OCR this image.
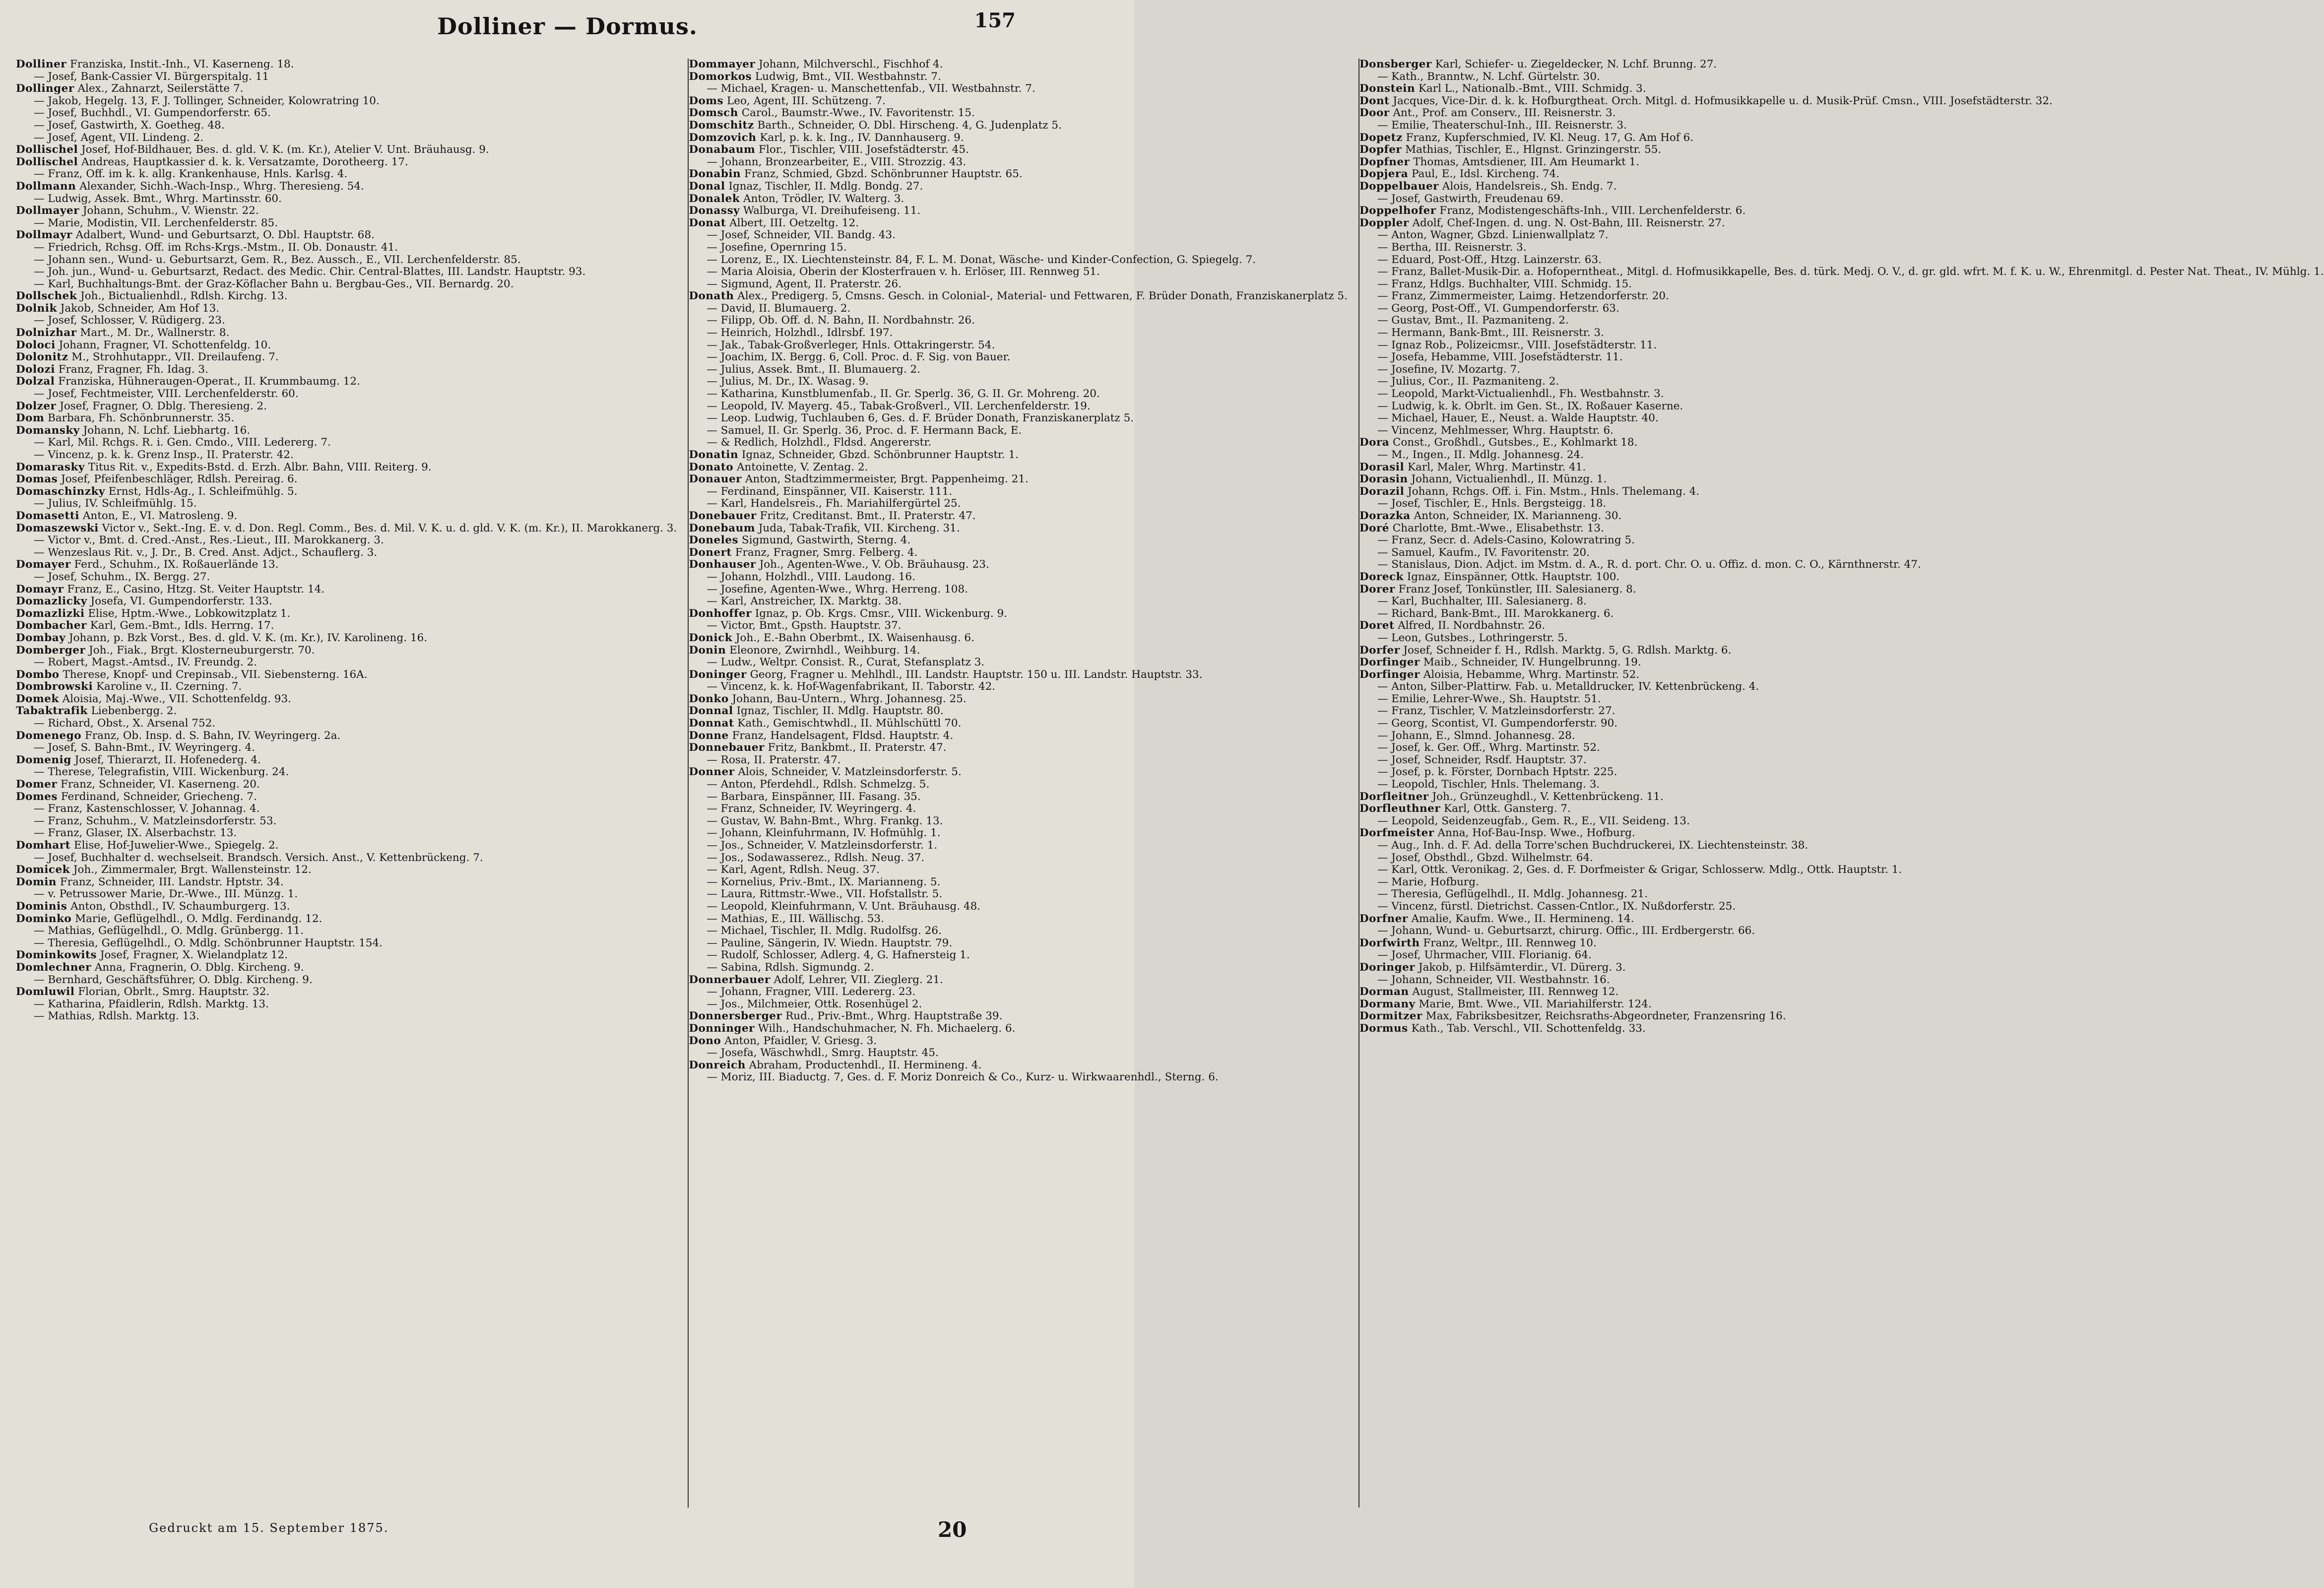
Dolliner — Dormus.	157

Dolliner Franziska, Instit.-Inh., VI. Kaserneng. 18.

— Josef, Bank-Cassier VI. Bürgerspitalg. 11

Dollinger Alex., Zahnarzt, Seilerstätte 7.

— Jakob, Hegelg. 13, F. J. Tollinger, Schneider, Kolowratring 10.

— Josef, Buchhdl., VI. Gumpendorferstr. 65.

— Josef, Gastwirth, X. Goetheg. 48.

— Josef, Agent, VII. Lindeng. 2.

Dollischel Josef, Hof-Bildhauer, Bes. d. gld. V. K. (m. Kr.), Atelier V. Unt. Bräuhausg. 9.

Dollischel Andreas, Hauptkassier d. k. k. Versatzamte, Dorotheerg. 17.

— Franz, Off. im k. k. allg. Krankenhause, Hnls. Karlsg. 4.

Dollmann Alexander, Sichh.-Wach-Insp., Whrg. Theresieng. 54.

— Ludwig, Assek. Bmt., Whrg. Martinsstr. 60.

Dollmayer Johann, Schuhm., V. Wienstr. 22.

— Marie, Modistin, VII. Lerchenfelderstr. 85.

Dollmayr Adalbert, Wund- und Geburtsarzt, O. Dbl. Hauptstr. 68.

— Friedrich, Rchsg. Off. im Rchs-Krgs.-Mstm., II. Ob. Donaustr. 41.

— Johann sen., Wund- u. Geburtsarzt, Gem. R., Bez. Aussch., E., VII. Lerchenfelderstr. 85.

— Joh. jun., Wund- u. Geburtsarzt, Redact. des Medic. Chir. Central-Blattes, III. Landstr. Hauptstr. 93.

— Karl, Buchhaltungs-Bmt. der Graz-Köflacher Bahn u. Bergbau-Ges., VII. Bernardg. 20.

Dollschek Joh., Bictualienhdl., Rdlsh. Kirchg. 13.

Dolnik Jakob, Schneider, Am Hof 13.

— Josef, Schlosser, V. Rüdigerg. 23.

Dolnizhar Mart., M. Dr., Wallnerstr. 8.

Doloci Johann, Fragner, VI. Schottenfeldg. 10.

Dolonitz M., Strohhutappr., VII. Dreilaufeng. 7.

Dolozi Franz, Fragner, Fh. Idag. 3.

Dolzal Franziska, Hühneraugen-Operat., II. Krummbaumg. 12.

— Josef, Fechtmeister, VIII. Lerchenfelderstr. 60.

Dolzer Josef, Fragner, O. Dblg. Theresieng. 2.

Dom Barbara, Fh. Schönbrunnerstr. 35.

Domansky Johann, N. Lchf. Liebhartg. 16.

— Karl, Mil. Rchgs. R. i. Gen. Cmdo., VIII. Ledererg. 7.

— Vincenz, p. k. k. Grenz Insp., II. Praterstr. 42.

Domarasky Titus Rit. v., Expedits-Bstd. d. Erzh. Albr. Bahn, VIII. Reiterg. 9.

Domas Josef, Pfeifenbeschläger, Rdlsh. Pereirag. 6.

Domaschinzky Ernst, Hdls-Ag., I. Schleifmühlg. 5.

— Julius, IV. Schleifmühlg. 15.

Domasetti Anton, E., VI. Matrosleng. 9.

Domaszewski Victor v., Sekt.-Ing. E. v. d. Don. Regl. Comm., Bes. d. Mil. V. K. u. d. gld. V. K. (m. Kr.), II. Marokkanerg. 3.

— Victor v., Bmt. d. Cred.-Anst., Res.-Lieut., III. Marokkanerg. 3.

— Wenzeslaus Rit. v., J. Dr., B. Cred. Anst. Adjct., Schauflerg. 3.

Domayer Ferd., Schuhm., IX. Roßauerlände 13.

— Josef, Schuhm., IX. Bergg. 27.

Domayr Franz, E., Casino, Htzg. St. Veiter Hauptstr. 14.

Domazlicky Josefa, VI. Gumpendorferstr. 133.

Domazlizki Elise, Hptm.-Wwe., Lobkowitzplatz 1.

Dombacher Karl, Gem.-Bmt., Idls. Herrng. 17.

Dombay Johann, p. Bzk Vorst., Bes. d. gld. V. K. (m. Kr.), IV. Karolineng. 16.

Domberger Joh., Fiak., Brgt. Klosterneuburgerstr. 70.

— Robert, Magst.-Amtsd., IV. Freundg. 2.

Dombo Therese, Knopf- und Crepinsab., VII. Siebensterng. 16A.

Dombrowski Karoline v., II. Czerning. 7.

Domek Aloisia, Maj.-Wwe., VII. Schottenfeldg. 93.

Tabaktrafik Liebenbergg. 2.

— Richard, Obst., X. Arsenal 752.

Domenego Franz, Ob. Insp. d. S. Bahn, IV. Weyringerg. 2a.

— Josef, S. Bahn-Bmt., IV. Weyringerg. 4.

Domenig Josef, Thierarzt, II. Hofenederg. 4.

— Therese, Telegrafistin, VIII. Wickenburg. 24.

Domer Franz, Schneider, VI. Kaserneng. 20.

Domes Ferdinand, Schneider, Griecheng. 7.

— Franz, Kastenschlosser, V. Johannag. 4.

— Franz, Schuhm., V. Matzleinsdorferstr. 53.

— Franz, Glaser, IX. Alserbachstr. 13.

Domhart Elise, Hof-Juwelier-Wwe., Spiegelg. 2.

— Josef, Buchhalter d. wechselseit. Brandsch. Versich. Anst., V. Kettenbrückeng. 7.

Domicek Joh., Zimmermaler, Brgt. Wallensteinstr. 12.

Domin Franz, Schneider, III. Landstr. Hptstr. 34.

— v. Petrussower Marie, Dr.-Wwe., III. Münzg. 1.

Dominis Anton, Obsthdl., IV. Schaumburgerg. 13.

Dominko Marie, Geflügelhdl., O. Mdlg. Ferdinandg. 12.

— Mathias, Geflügelhdl., O. Mdlg. Grünbergg. 11.

— Theresia, Geflügelhdl., O. Mdlg. Schönbrunner Hauptstr. 154.

Dominkowits Josef, Fragner, X. Wielandplatz 12.

Domlechner Anna, Fragnerin, O. Dblg. Kircheng. 9.

— Bernhard, Geschäftsführer, O. Dblg. Kircheng. 9.

Domluwil Florian, Obrlt., Smrg. Hauptstr. 32.

— Katharina, Pfaidlerin, Rdlsh. Marktg. 13.

— Mathias, Rdlsh. Marktg. 13.

Dommayer Johann, Milchverschl., Fischhof 4.

Domorkos Ludwig, Bmt., VII. Westbahnstr. 7.

— Michael, Kragen- u. Manschettenfab., VII. Westbahnstr. 7.

Doms Leo, Agent, III. Schützeng. 7.

Domsch Carol., Baumstr.-Wwe., IV. Favoritenstr. 15.

Domschitz Barth., Schneider, O. Dbl. Hirscheng. 4, G. Judenplatz 5.

Domzovich Karl, p. k. k. Ing., IV. Dannhauserg. 9.

Donabaum Flor., Tischler, VIII. Josefstädterstr. 45.

— Johann, Bronzearbeiter, E., VIII. Strozzig. 43.

Donabin Franz, Schmied, Gbzd. Schönbrunner Hauptstr. 65.

Donal Ignaz, Tischler, II. Mdlg. Bondg. 27.

Donalek Anton, Trödler, IV. Walterg. 3.

Donassy Walburga, VI. Dreihufeiseng. 11.

Donat Albert, III. Oetzeltg. 12.

— Josef, Schneider, VII. Bandg. 43.

— Josefine, Opernring 15.

— Lorenz, E., IX. Liechtensteinstr. 84, F. L. M. Donat, Wäsche- und Kinder-Confection, G. Spiegelg. 7.

— Maria Aloisia, Oberin der Klosterfrauen v. h. Erlöser, III. Rennweg 51.

— Sigmund, Agent, II. Praterstr. 26.

Donath Alex., Predigerg. 5, Cmsns. Gesch. in Colonial-, Material- und Fettwaren, F. Brüder Donath, Franziskanerplatz 5.

— David, II. Blumauerg. 2.

— Filipp, Ob. Off. d. N. Bahn, II. Nordbahnstr. 26.

— Heinrich, Holzhdl., Idlrsbf. 197.

— Jak., Tabak-Großverleger, Hnls. Ottakringerstr. 54.

— Joachim, IX. Bergg. 6, Coll. Proc. d. F. Sig. von Bauer.

— Julius, Assek. Bmt., II. Blumauerg. 2.

— Julius, M. Dr., IX. Wasag. 9.

— Katharina, Kunstblumenfab., II. Gr. Sperlg. 36, G. II. Gr. Mohreng. 20.

— Leopold, IV. Mayerg. 45., Tabak-Großverl., VII. Lerchenfelderstr. 19.

— Leop. Ludwig, Tuchlauben 6, Ges. d. F. Brüder Donath, Franziskanerplatz 5.

— Samuel, II. Gr. Sperlg. 36, Proc. d. F. Hermann Back, E.

— & Redlich, Holzhdl., Fldsd. Angererstr.

Donatin Ignaz, Schneider, Gbzd. Schönbrunner Hauptstr. 1.

Donato Antoinette, V. Zentag. 2.

Donauer Anton, Stadtzimmermeister, Brgt. Pappenheimg. 21.

— Ferdinand, Einspänner, VII. Kaiserstr. 111.

— Karl, Handelsreis., Fh. Mariahilfergürtel 25.

Donebauer Fritz, Creditanst. Bmt., II. Praterstr. 47.

Donebaum Juda, Tabak-Trafik, VII. Kircheng. 31.

Doneles Sigmund, Gastwirth, Sterng. 4.

Donert Franz, Fragner, Smrg. Felberg. 4.

Donhauser Joh., Agenten-Wwe., V. Ob. Bräuhausg. 23.

— Johann, Holzhdl., VIII. Laudong. 16.

— Josefine, Agenten-Wwe., Whrg. Herreng. 108.

— Karl, Anstreicher, IX. Marktg. 38.

Donhoffer Ignaz, p. Ob. Krgs. Cmsr., VIII. Wickenburg. 9.

— Victor, Bmt., Gpsth. Hauptstr. 37.

Donick Joh., E.-Bahn Oberbmt., IX. Waisenhausg. 6.

Donin Eleonore, Zwirnhdl., Weihburg. 14.

— Ludw., Weltpr. Consist. R., Curat, Stefansplatz 3.

Doninger Georg, Fragner u. Mehlhdl., III. Landstr. Hauptstr. 150 u. III. Landstr. Hauptstr. 33.

— Vincenz, k. k. Hof-Wagenfabrikant, II. Taborstr. 42.

Donko Johann, Bau-Untern., Whrg. Johannesg. 25.

Donnal Ignaz, Tischler, II. Mdlg. Hauptstr. 80.

Donnat Kath., Gemischtwhdl., II. Mühlschüttl 70.

Donne Franz, Handelsagent, Fldsd. Hauptstr. 4.

Donnebauer Fritz, Bankbmt., II. Praterstr. 47.

— Rosa, II. Praterstr. 47.

Donner Alois, Schneider, V. Matzleinsdorferstr. 5.

— Anton, Pferdehdl., Rdlsh. Schmelzg. 5.

— Barbara, Einspänner, III. Fasang. 35.

— Franz, Schneider, IV. Weyringerg. 4.

— Gustav, W. Bahn-Bmt., Whrg. Frankg. 13.

— Johann, Kleinfuhrmann, IV. Hofmühlg. 1.

— Jos., Schneider, V. Matzleinsdorferstr. 1.

— Jos., Sodawasserez., Rdlsh. Neug. 37.

— Karl, Agent, Rdlsh. Neug. 37.

— Kornelius, Priv.-Bmt., IX. Marianneng. 5.

— Laura, Rittmstr.-Wwe., VII. Hofstallstr. 5.

— Leopold, Kleinfuhrmann, V. Unt. Bräuhausg. 48.

— Mathias, E., III. Wällischg. 53.

— Michael, Tischler, II. Mdlg. Rudolfsg. 26.

— Pauline, Sängerin, IV. Wiedn. Hauptstr. 79.

— Rudolf, Schlosser, Adlerg. 4, G. Hafnersteig 1.

— Sabina, Rdlsh. Sigmundg. 2.

Donnerbauer Adolf, Lehrer, VII. Zieglerg. 21.

— Johann, Fragner, VIII. Ledererg. 23.

— Jos., Milchmeier, Ottk. Rosenhügel 2.

Donnersberger Rud., Priv.-Bmt., Whrg. Hauptstraße 39.

Donninger Wilh., Handschuhmacher, N. Fh. Michaelerg. 6.

Dono Anton, Pfaidler, V. Griesg. 3.

— Josefa, Wäschwhdl., Smrg. Hauptstr. 45.

Donreich Abraham, Productenhdl., II. Hermineng. 4.

— Moriz, III. Biaductg. 7, Ges. d. F. Moriz Donreich & Co., Kurz- u. Wirkwaarenhdl., Sterng. 6.

Donsberger Karl, Schiefer- u. Ziegeldecker, N. Lchf. Brunng. 27.

— Kath., Branntw., N. Lchf. Gürtelstr. 30.

Donstein Karl L., Nationalb.-Bmt., VIII. Schmidg. 3.

Dont Jacques, Vice-Dir. d. k. k. Hofburgtheat. Orch. Mitgl. d. Hofmusikkapelle u. d. Musik-Prüf. Cmsn., VIII. Josefstädterstr. 32.

Door Ant., Prof. am Conserv., III. Reisnerstr. 3.

— Emilie, Theaterschul-Inh., III. Reisnerstr. 3.

Dopetz Franz, Kupferschmied, IV. Kl. Neug. 17, G. Am Hof 6.

Dopfer Mathias, Tischler, E., Hlgnst. Grinzingerstr. 55.

Dopfner Thomas, Amtsdiener, III. Am Heumarkt 1.

Dopjera Paul, E., Idsl. Kircheng. 74.

Doppelbauer Alois, Handelsreis., Sh. Endg. 7.

— Josef, Gastwirth, Freudenau 69.

Doppelhofer Franz, Modistengeschäfts-Inh., VIII. Lerchenfelderstr. 6.

Doppler Adolf, Chef-Ingen. d. ung. N. Ost-Bahn, III. Reisnerstr. 27.

— Anton, Wagner, Gbzd. Linienwallplatz 7.

— Bertha, III. Reisnerstr. 3.

— Eduard, Post-Off., Htzg. Lainzerstr. 63.

— Franz, Ballet-Musik-Dir. a. Hofoperntheat., Mitgl. d. Hofmusikkapelle, Bes. d. türk. Medj. O. V., d. gr. gld. wfrt. M. f. K. u. W., Ehrenmitgl. d. Pester Nat. Theat., IV. Mühlg. 1.

— Franz, Hdlgs. Buchhalter, VIII. Schmidg. 15.

— Franz, Zimmermeister, Laimg. Hetzendorferstr. 20.

— Georg, Post-Off., VI. Gumpendorferstr. 63.

— Gustav, Bmt., II. Pazmaniteng. 2.

— Hermann, Bank-Bmt., III. Reisnerstr. 3.

— Ignaz Rob., Polizeicmsr., VIII. Josefstädterstr. 11.

— Josefa, Hebamme, VIII. Josefstädterstr. 11.

— Josefine, IV. Mozartg. 7.

— Julius, Cor., II. Pazmaniteng. 2.

— Leopold, Markt-Victualienhdl., Fh. Westbahnstr. 3.

— Ludwig, k. k. Obrlt. im Gen. St., IX. Roßauer Kaserne.

— Michael, Hauer, E., Neust. a. Walde Hauptstr. 40.

— Vincenz, Mehlmesser, Whrg. Hauptstr. 6.

Dora Const., Großhdl., Gutsbes., E., Kohlmarkt 18.

— M., Ingen., II. Mdlg. Johannesg. 24.

Dorasil Karl, Maler, Whrg. Martinstr. 41.

Dorasin Johann, Victualienhdl., II. Münzg. 1.

Dorazil Johann, Rchgs. Off. i. Fin. Mstm., Hnls. Thelemang. 4.

— Josef, Tischler, E., Hnls. Bergsteigg. 18.

Dorazka Anton, Schneider, IX. Marianneng. 30.

Doré Charlotte, Bmt.-Wwe., Elisabethstr. 13.

— Franz, Secr. d. Adels-Casino, Kolowratring 5.

— Samuel, Kaufm., IV. Favoritenstr. 20.

— Stanislaus, Dion. Adjct. im Mstm. d. A., R. d. port. Chr. O. u. Offiz. d. mon. C. O., Kärnthnerstr. 47.

Doreck Ignaz, Einspänner, Ottk. Hauptstr. 100.

Dorer Franz Josef, Tonkünstler, III. Salesianerg. 8.

— Karl, Buchhalter, III. Salesianerg. 8.

— Richard, Bank-Bmt., III. Marokkanerg. 6.

Doret Alfred, II. Nordbahnstr. 26.

— Leon, Gutsbes., Lothringerstr. 5.

Dorfer Josef, Schneider f. H., Rdlsh. Marktg. 5, G. Rdlsh. Marktg. 6.

Dorfinger Maib., Schneider, IV. Hungelbrunng. 19.

Dorfinger Aloisia, Hebamme, Whrg. Martinstr. 52.

— Anton, Silber-Plattirw. Fab. u. Metalldrucker, IV. Kettenbrückeng. 4.

— Emilie, Lehrer-Wwe., Sh. Hauptstr. 51.

— Franz, Tischler, V. Matzleinsdorferstr. 27.

— Georg, Scontist, VI. Gumpendorferstr. 90.

— Johann, E., Slmnd. Johannesg. 28.

— Josef, k. Ger. Off., Whrg. Martinstr. 52.

— Josef, Schneider, Rsdf. Hauptstr. 37.

— Josef, p. k. Förster, Dornbach Hptstr. 225.

— Leopold, Tischler, Hnls. Thelemang. 3.

Dorfleitner Joh., Grünzeughdl., V. Kettenbrückeng. 11.

Dorfleuthner Karl, Ottk. Gansterg. 7.

— Leopold, Seidenzeugfab., Gem. R., E., VII. Seideng. 13.

Dorfmeister Anna, Hof-Bau-Insp. Wwe., Hofburg.

— Aug., Inh. d. F. Ad. della Torre'schen Buchdruckerei, IX. Liechtensteinstr. 38.

— Josef, Obsthdl., Gbzd. Wilhelmstr. 64.

— Karl, Ottk. Veronikag. 2, Ges. d. F. Dorfmeister & Grigar, Schlosserw. Mdlg., Ottk. Hauptstr. 1.

— Marie, Hofburg.

— Theresia, Geflügelhdl., II. Mdlg. Johannesg. 21.

— Vincenz, fürstl. Dietrichst. Cassen-Cntlor., IX. Nußdorferstr. 25.

Dorfner Amalie, Kaufm. Wwe., II. Hermineng. 14.

— Johann, Wund- u. Geburtsarzt, chirurg. Offic., III. Erdbergerstr. 66.

Dorfwirth Franz, Weltpr., III. Rennweg 10.

— Josef, Uhrmacher, VIII. Florianig. 64.

Doringer Jakob, p. Hilfsämterdir., VI. Dürerg. 3.

— Johann, Schneider, VII. Westbahnstr. 16.

Dorman August, Stallmeister, III. Rennweg 12.

Dormany Marie, Bmt. Wwe., VII. Mariahilferstr. 124.

Dormitzer Max, Fabriksbesitzer, Reichsraths-Abgeordneter, Franzensring 16.

Dormus Kath., Tab. Verschl., VII. Schottenfeldg. 33.

Gedruckt am 15. September 1875.	20
